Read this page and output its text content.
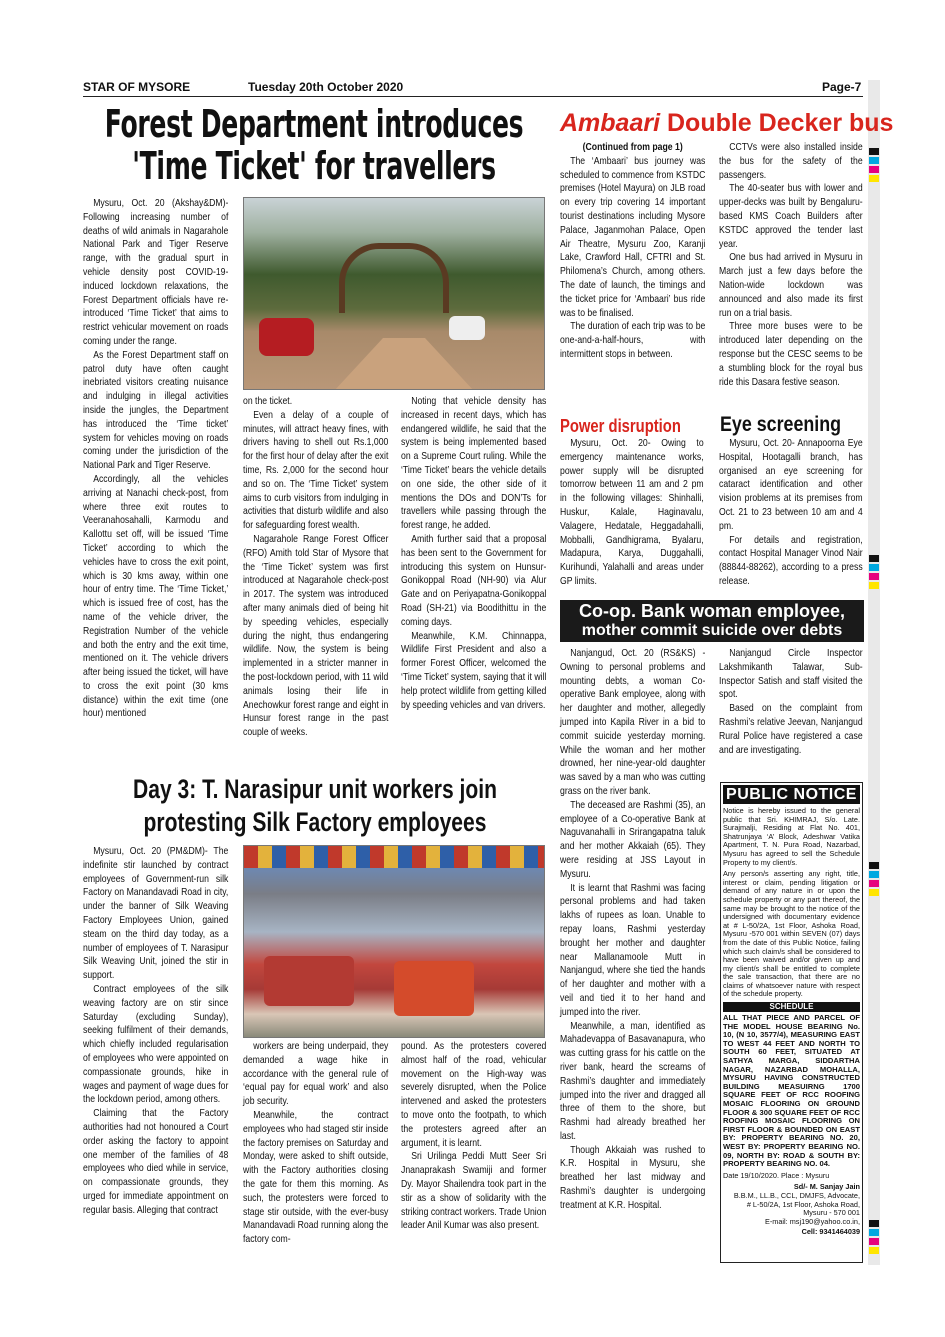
STAR OF MYSORE	Tuesday 20th October 2020	Page-7
Forest Department introduces
'Time Ticket' for travellers

Mysuru, Oct. 20 (Akshay&DM)- Following increasing number of deaths of wild animals in Nagarahole National Park and Tiger Reserve range, with the gradual spurt in vehicle density post COVID-19-induced lockdown relaxations, the Forest Department officials have re-introduced ‘Time Ticket’ that aims to restrict vehicular movement on roads coming under the range.

As the Forest Department staff on patrol duty have often caught inebriated visitors creating nuisance and indulging in illegal activities inside the jungles, the Department has introduced the ‘Time ticket’ system for vehicles moving on roads coming under the jurisdiction of the National Park and Tiger Reserve.

Accordingly, all the vehicles arriving at Nanachi check-post, from where three exit routes to Veeranahosahalli, Karmodu and Kallottu set off, will be issued ‘Time Ticket’ according to which the vehicles have to cross the exit point, which is 30 kms away, within one hour of entry time. The ‘Time Ticket,’ which is issued free of cost, has the name of the vehicle driver, the Registration Number of the vehicle and both the entry and the exit time, mentioned on it. The vehicle drivers after being issued the ticket, will have to cross the exit point (30 kms distance) within the exit time (one hour) mentioned

on the ticket.

Even a delay of a couple of minutes, will attract heavy fines, with drivers having to shell out Rs.1,000 for the first hour of delay after the exit time, Rs. 2,000 for the second hour and so on. The ‘Time Ticket’ system aims to curb visitors from indulging in activities that disturb wildlife and also for safeguarding forest wealth.

Nagarahole Range Forest Officer (RFO) Amith told Star of Mysore that the ‘Time Ticket’ system was first introduced at Nagarahole check-post in 2017. The system was introduced after many animals died of being hit by speeding vehicles, especially during the night, thus endangering wildlife. Now, the system is being implemented in a stricter manner in the post-lockdown period, with 11 wild animals losing their life in Anechowkur forest range and eight in Hunsur forest range in the past couple of weeks.

Noting that vehicle density has increased in recent days, which has endangered wildlife, he said that the system is being implemented based on a Supreme Court ruling. While the ‘Time Ticket’ bears the vehicle details on one side, the other side of it mentions the DOs and DON’Ts for travellers while passing through the forest range, he added.

Amith further said that a proposal has been sent to the Government for introducing this system on Hunsur-Gonikoppal Road (NH-90) via Alur Gate and on Periyapatna-Gonikoppal Road (SH-21) via Boodithittu in the coming days.

Meanwhile, K.M. Chinnappa, Wildlife First President and also a former Forest Officer, welcomed the ‘Time Ticket’ system, saying that it will help protect wildlife from getting killed by speeding vehicles and van drivers.

Ambaari Double Decker bus

(Continued from page 1)

The ‘Ambaari’ bus journey was scheduled to commence from KSTDC premises (Hotel Mayura) on JLB road on every trip covering 14 important tourist destinations including Mysore Palace, Jaganmohan Palace, Open Air Theatre, Mysuru Zoo, Karanji Lake, Crawford Hall, CFTRI and St. Philomena’s Church, among others. The date of launch, the timings and the ticket price for ‘Ambaari’ bus ride was to be finalised.

The duration of each trip was to be one-and-a-half-hours, with intermittent stops in between.

CCTVs were also installed inside the bus for the safety of the passengers.

The 40-seater bus with lower and upper-decks was built by Bengaluru-based KMS Coach Builders after KSTDC approved the tender last year.

One bus had arrived in Mysuru in March just a few days before the Nation-wide lockdown was announced and also made its first run on a trial basis.

Three more buses were to be introduced later depending on the response but the CESC seems to be a stumbling block for the royal bus ride this Dasara festive season.

Power disruption

Mysuru, Oct. 20- Owing to emergency maintenance works, power supply will be disrupted tomorrow between 11 am and 2 pm in the following villages: Shinhalli, Huskur, Kalale, Haginavalu, Valagere, Hedatale, Heggadahalli, Mobballi, Gandhigrama, Byalaru, Madapura, Karya, Duggahalli, Kurihundi, Yalahalli and areas under GP limits.

Eye screening

Mysuru, Oct. 20- Annapoorna Eye Hospital, Hootagalli branch, has organised an eye screening for cataract identification and other vision problems at its premises from Oct. 21 to 23 between 10 am and 4 pm.

For details and registration, contact Hospital Manager Vinod Nair (88844-88262), according to a press release.

Co-op. Bank woman employee,
mother commit suicide over debts

Nanjangud, Oct. 20 (RS&KS) - Owning to personal problems and mounting debts, a woman Co-operative Bank employee, along with her daughter and mother, allegedly jumped into Kapila River in a bid to commit suicide yesterday morning. While the woman and her mother drowned, her nine-year-old daughter was saved by a man who was cutting grass on the river bank.

The deceased are Rashmi (35), an employee of a Co-operative Bank at Naguvanahalli in Srirangapatna taluk and her mother Akkaiah (65). They were residing at JSS Layout in Mysuru.

It is learnt that Rashmi was facing personal problems and had taken lakhs of rupees as loan. Unable to repay loans, Rashmi yesterday brought her mother and daughter near Mallanamoole Mutt in Nanjangud, where she tied the hands of her daughter and mother with a veil and tied it to her hand and jumped into the river.

Meanwhile, a man, identified as Mahadevappa of Basavanapura, who was cutting grass for his cattle on the river bank, heard the screams of Rashmi’s daughter and immediately jumped into the river and dragged all three of them to the shore, but Rashmi had already breathed her last.

Though Akkaiah was rushed to K.R. Hospital in Mysuru, she breathed her last midway and Rashmi’s daughter is undergoing treatment at K.R. Hospital.

Nanjangud Circle Inspector Lakshmikanth Talawar, Sub-Inspector Satish and staff visited the spot.

Based on the complaint from Rashmi’s relative Jeevan, Nanjangud Rural Police have registered a case and are investigating.

PUBLIC NOTICE

Notice is hereby issued to the general public that Sri. KHIMRAJ, S/o. Late. Surajmalji, Residing at Flat No. 401, Shatrunjaya ‘A’ Block, Adeshwar Vatika Apartment, T. N. Pura Road, Nazarbad, Mysuru has agreed to sell the Schedule Property to my client/s.

Any person/s asserting any right, title, interest or claim, pending litigation or demand of any nature in or upon the schedule property or any part thereof, the same may be brought to the notice of the undersigned with documentary evidence at # L-50/2A, 1st Floor, Ashoka Road, Mysuru -570 001 within SEVEN (07) days from the date of this Public Notice, failing which such claim/s shall be considered to have been waived and/or given up and my client/s shall be entitled to complete the sale transaction, that there are no claims of whatsoever nature with respect of the schedule property.

SCHEDULE
ALL THAT PIECE AND PARCEL OF THE MODEL HOUSE BEARING No. 10, (N 10, 3577/4), MEASURING EAST TO WEST 44 FEET AND NORTH TO SOUTH 60 FEET, SITUATED AT SATHYA MARGA, SIDDARTHA NAGAR, NAZARBAD MOHALLA, MYSURU HAVING CONSTRUCTED BUILDING MEASUIRNG 1700 SQUARE FEET OF RCC ROOFING MOSAIC FLOORING ON GROUND FLOOR & 300 SQUARE FEET OF RCC ROOFING MOSAIC FLOORING ON FIRST FLOOR & BOUNDED ON EAST BY: PROPERTY BEARING NO. 20, WEST BY: PROPERTY BEARING NO. 09, NORTH BY: ROAD & SOUTH BY: PROPERTY BEARING NO. 04.

Date 19/10/2020. Place : Mysuru

Sd/- M. Sanjay Jain

B.B.M., LL.B., CCL, DMJFS, Advocate,
# L-50/2A, 1st Floor, Ashoka Road,
Mysuru - 570 001
E-mail: msj190@yahoo.co.in,
Cell: 9341464039
Day 3: T. Narasipur unit workers join
protesting Silk Factory employees

Mysuru, Oct. 20 (PM&DM)- The indefinite stir launched by contract employees of Government-run silk Factory on Manandavadi Road in city, under the banner of Silk Weaving Factory Employees Union, gained steam on the third day today, as a number of employees of T. Narasipur Silk Weaving Unit, joined the stir in support.

Contract employees of the silk weaving factory are on stir since Saturday (excluding Sunday), seeking fulfilment of their demands, which chiefly included regularisation of employees who were appointed on compassionate grounds, hike in wages and payment of wage dues for the lockdown period, among others.

Claiming that the Factory authorities had not honoured a Court order asking the factory to appoint one member of the families of 48 employees who died while in service, on compassionate grounds, they urged for immediate appointment on regular basis. Alleging that contract

workers are being underpaid, they demanded a wage hike in accordance with the general rule of ‘equal pay for equal work’ and also job security.

Meanwhile, the contract employees who had staged stir inside the factory premises on Saturday and Monday, were asked to shift outside, with the Factory authorities closing the gate for them this morning. As such, the protesters were forced to stage stir outside, with the ever-busy Manandavadi Road running along the factory com-

pound. As the protesters covered almost half of the road, vehicular movement on the High-way was severely disrupted, when the Police intervened and asked the protesters to move onto the footpath, to which the protesters agreed after an argument, it is learnt.

Sri Urilinga Peddi Mutt Seer Sri Jnanaprakash Swamiji and former Dy. Mayor Shailendra took part in the stir as a show of solidarity with the striking contract workers. Trade Union leader Anil Kumar was also present.
